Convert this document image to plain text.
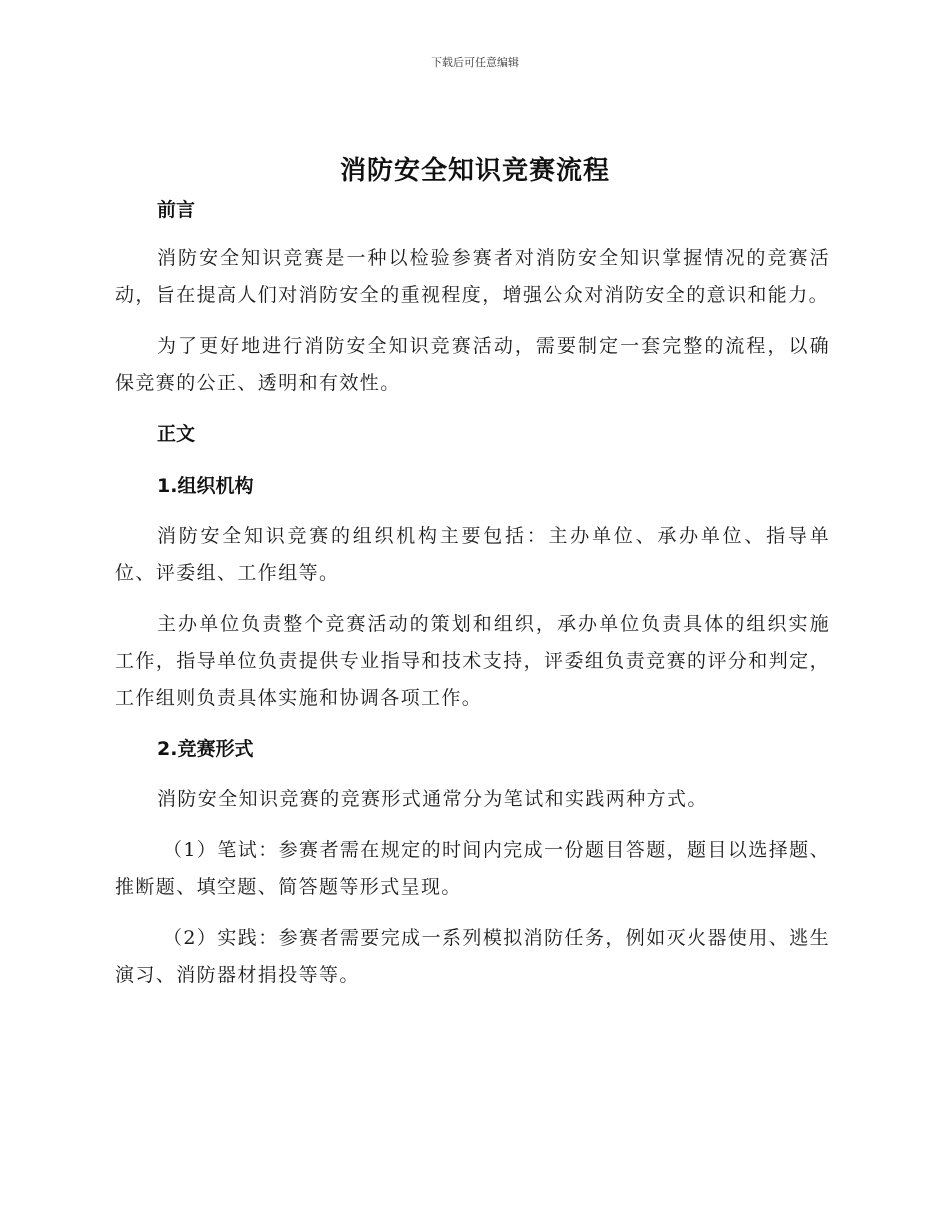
下载后可任意编辑
消防安全知识竞赛流程

前言

消防安全知识竞赛是一种以检验参赛者对消防安全知识掌握情况的竞赛活动，旨在提高人们对消防安全的重视程度，增强公众对消防安全的意识和能力。

为了更好地进行消防安全知识竞赛活动，需要制定一套完整的流程，以确保竞赛的公正、透明和有效性。

正文

1.组织机构

消防安全知识竞赛的组织机构主要包括：主办单位、承办单位、指导单位、评委组、工作组等。

主办单位负责整个竞赛活动的策划和组织，承办单位负责具体的组织实施工作，指导单位负责提供专业指导和技术支持，评委组负责竞赛的评分和判定，工作组则负责具体实施和协调各项工作。

2.竞赛形式

消防安全知识竞赛的竞赛形式通常分为笔试和实践两种方式。

（1）笔试：参赛者需在规定的时间内完成一份题目答题，题目以选择题、推断题、填空题、简答题等形式呈现。

（2）实践：参赛者需要完成一系列模拟消防任务，例如灭火器使用、逃生演习、消防器材捐投等等。
